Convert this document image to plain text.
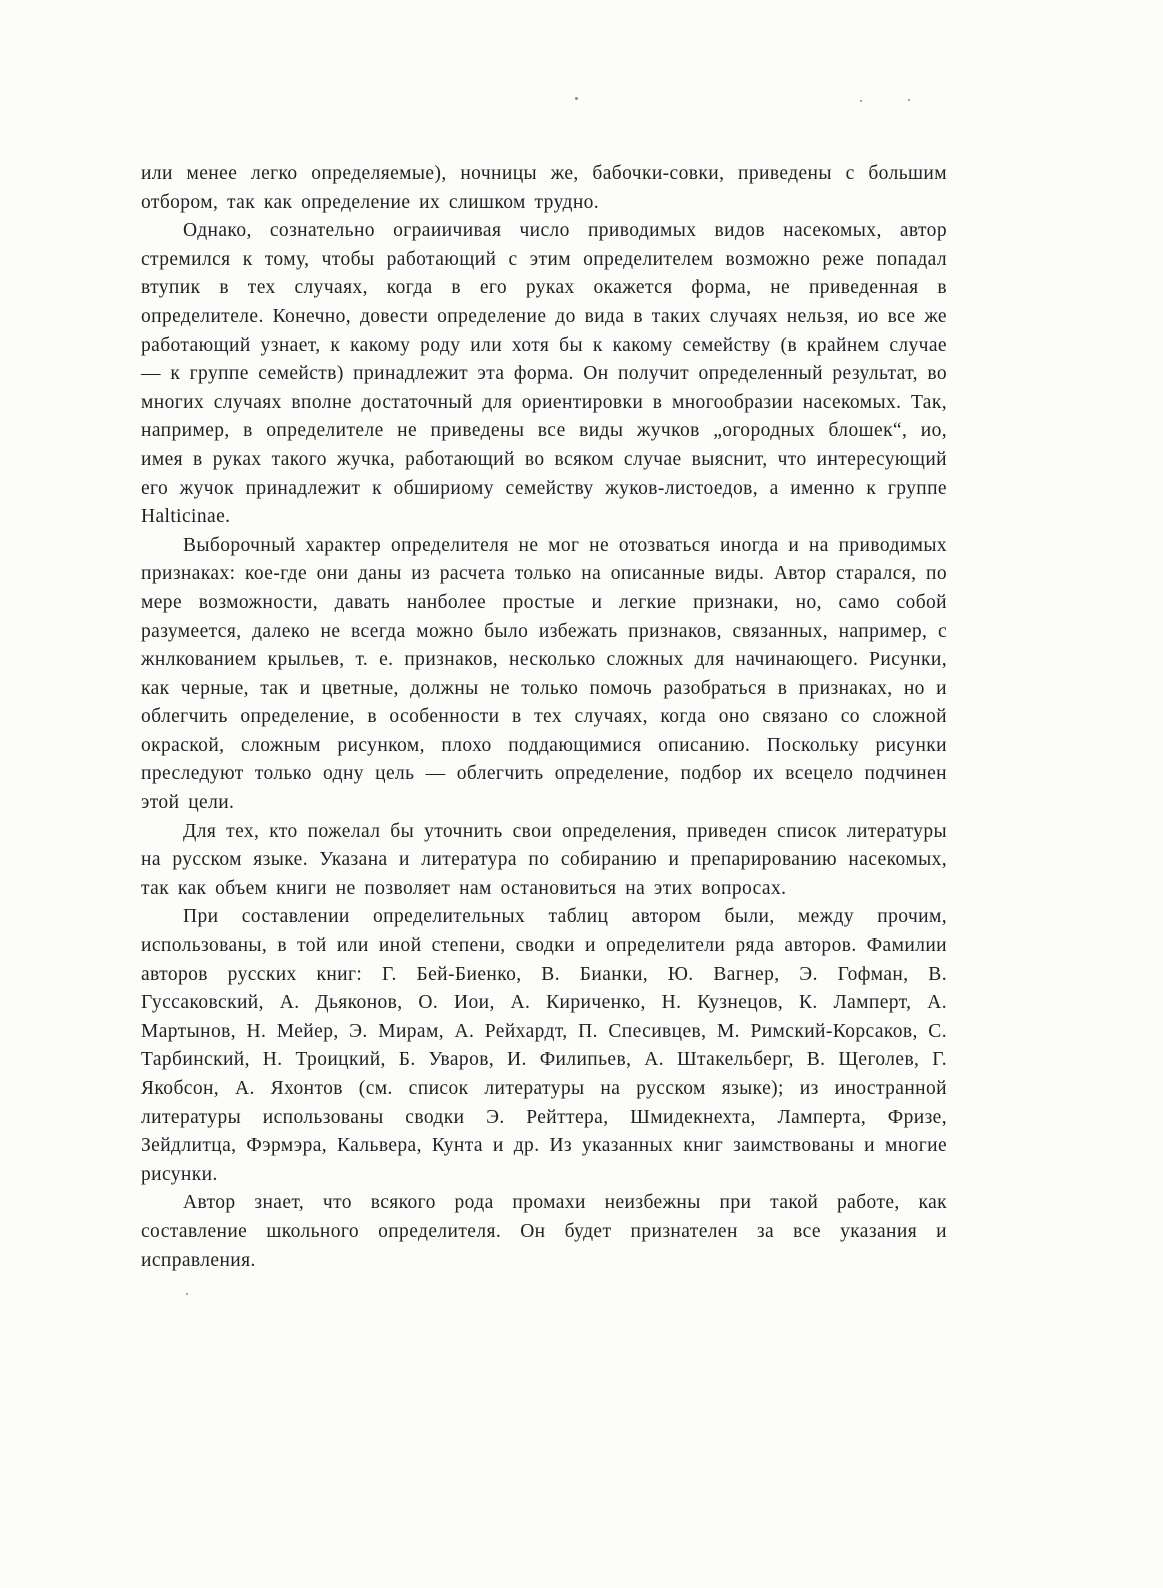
или менее легко определяемые), ночницы же, бабочки-совки, приведены с большим отбором, так как определение их слишком трудно.

Однако, сознательно ограиичивая число приводимых видов насекомых, автор стремился к тому, чтобы работающий с этим определителем возможно реже попадал втупик в тех случаях, когда в его руках окажется форма, не приведенная в определителе. Конечно, довести определение до вида в таких случаях нельзя, ио все же работающий узнает, к какому роду или хотя бы к какому семейству (в крайнем случае — к группе семейств) принадлежит эта форма. Он получит определенный результат, во многих случаях вполне достаточный для ориентировки в многообразии насекомых. Так, например, в определителе не приведены все виды жучков „огородных блошек“, ио, имея в руках такого жучка, работающий во всяком случае выяснит, что интересующий его жучок принадлежит к обшириому семейству жуков-листоедов, а именно к группе Halticinae.

Выборочный характер определителя не мог не отозваться иногда и на приводимых признаках: кое-где они даны из расчета только на описанные виды. Автор старался, по мере возможности, давать нанболее простые и легкие признаки, но, само собой разумеется, далеко не всегда можно было избежать признаков, связанных, например, с жнлкованием крыльев, т. е. признаков, несколько сложных для начинающего. Рисунки, как черные, так и цветные, должны не только помочь разобраться в признаках, но и облегчить определение, в особенности в тех случаях, когда оно связано со сложной окраской, сложным рисунком, плохо поддающимися описанию. Поскольку рисунки преследуют только одну цель — облегчить определение, подбор их всецело подчинен этой цели.

Для тех, кто пожелал бы уточнить свои определения, приведен список литературы на русском языке. Указана и литература по собиранию и препарированию насекомых, так как объем книги не позволяет нам остановиться на этих вопросах.

При составлении определительных таблиц автором были, между прочим, использованы, в той или иной степени, сводки и определители ряда авторов. Фамилии авторов русских книг: Г. Бей-Биенко, В. Бианки, Ю. Вагнер, Э. Гофман, В. Гуссаковский, А. Дьяконов, О. Иои, А. Кириченко, Н. Кузнецов, К. Ламперт, А. Мартынов, Н. Мейер, Э. Мирам, А. Рейхардт, П. Спесивцев, М. Римский-Корсаков, С. Тарбинский, Н. Троицкий, Б. Уваров, И. Филипьев, А. Штакельберг, В. Щеголев, Г. Якобсон, А. Яхонтов (см. список литературы на русском языке); из иностранной литературы использованы сводки Э. Рейттера, Шмидекнехта, Ламперта, Фризе, Зейдлитца, Фэрмэра, Кальвера, Кунта и др. Из указанных книг заимствованы и многие рисунки.

Автор знает, что всякого рода промахи неизбежны при такой работе, как составление школьного определителя. Он будет признателен за все указания и исправления.
